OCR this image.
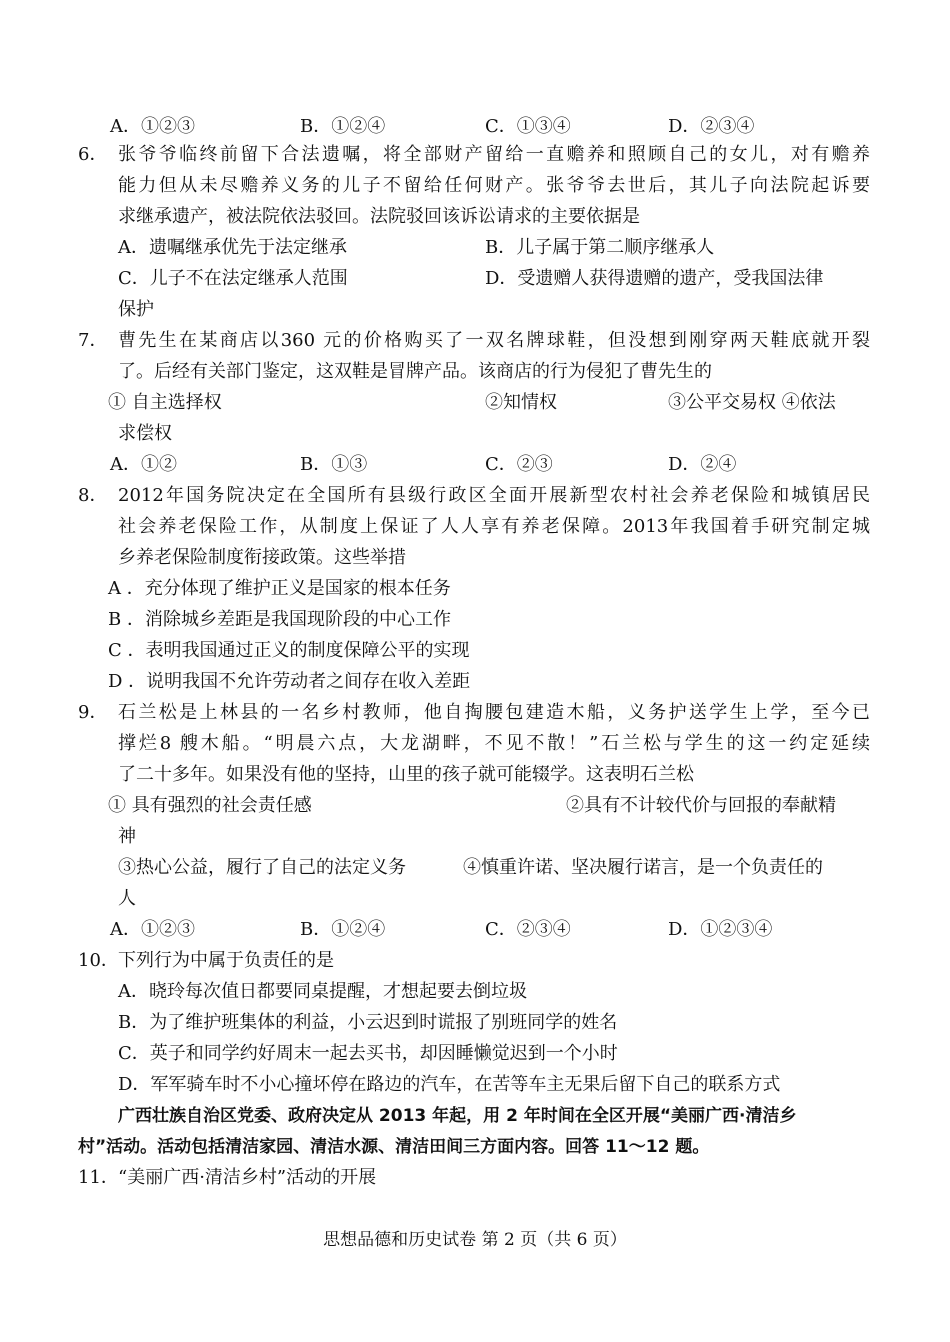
A．①②③	B．①②④	C．①③④	D．②③④
6． 张爷爷临终前留下合法遗嘱，将全部财产留给一直赡养和照顾自己的女儿，对有赡养
能力但从未尽赡养义务的儿子不留给任何财产。张爷爷去世后，其儿子向法院起诉要
求继承遗产，被法院依法驳回。法院驳回该诉讼请求的主要依据是
A．遗嘱继承优先于法定继承	B．儿子属于第二顺序继承人
C．儿子不在法定继承人范围	D．受遗赠人获得遗赠的遗产，受我国法律
保护
7． 曹先生在某商店以360 元的价格购买了一双名牌球鞋，但没想到刚穿两天鞋底就开裂
了。后经有关部门鉴定，这双鞋是冒牌产品。该商店的行为侵犯了曹先生的
① 自主选择权	②知情权	③公平交易权 ④依法
求偿权
A．①②	B．①③	C．②③	D．②④
8． 2012年国务院决定在全国所有县级行政区全面开展新型农村社会养老保险和城镇居民
社会养老保险工作，从制度上保证了人人享有养老保障。2013年我国着手研究制定城
乡养老保险制度衔接政策。这些举措
A ．充分体现了维护正义是国家的根本任务
B ．消除城乡差距是我国现阶段的中心工作
C ．表明我国通过正义的制度保障公平的实现
D ．说明我国不允许劳动者之间存在收入差距
9． 石兰松是上林县的一名乡村教师，他自掏腰包建造木船，义务护送学生上学，至今已
撑烂8 艘木船。“明晨六点，大龙湖畔，不见不散！”石兰松与学生的这一约定延续
了二十多年。如果没有他的坚持，山里的孩子就可能辍学。这表明石兰松
① 具有强烈的社会责任感	②具有不计较代价与回报的奉献精
神
③热心公益，履行了自己的法定义务	④慎重许诺、坚决履行诺言，是一个负责任的
人
A．①②③	B．①②④	C．②③④	D．①②③④
10． 下列行为中属于负责任的是
A．晓玲每次值日都要同桌提醒，才想起要去倒垃圾
B．为了维护班集体的利益，小云迟到时谎报了别班同学的姓名
C．英子和同学约好周末一起去买书，却因睡懒觉迟到一个小时
D．军军骑车时不小心撞坏停在路边的汽车，在苦等车主无果后留下自己的联系方式
广西壮族自治区党委、政府决定从 2013 年起，用 2 年时间在全区开展“美丽广西·清洁乡
村”活动。活动包括清洁家园、清洁水源、清洁田间三方面内容。回答 11～12 题。
11． “美丽广西·清洁乡村”活动的开展
思想品德和历史试卷 第 2 页（共 6 页）
